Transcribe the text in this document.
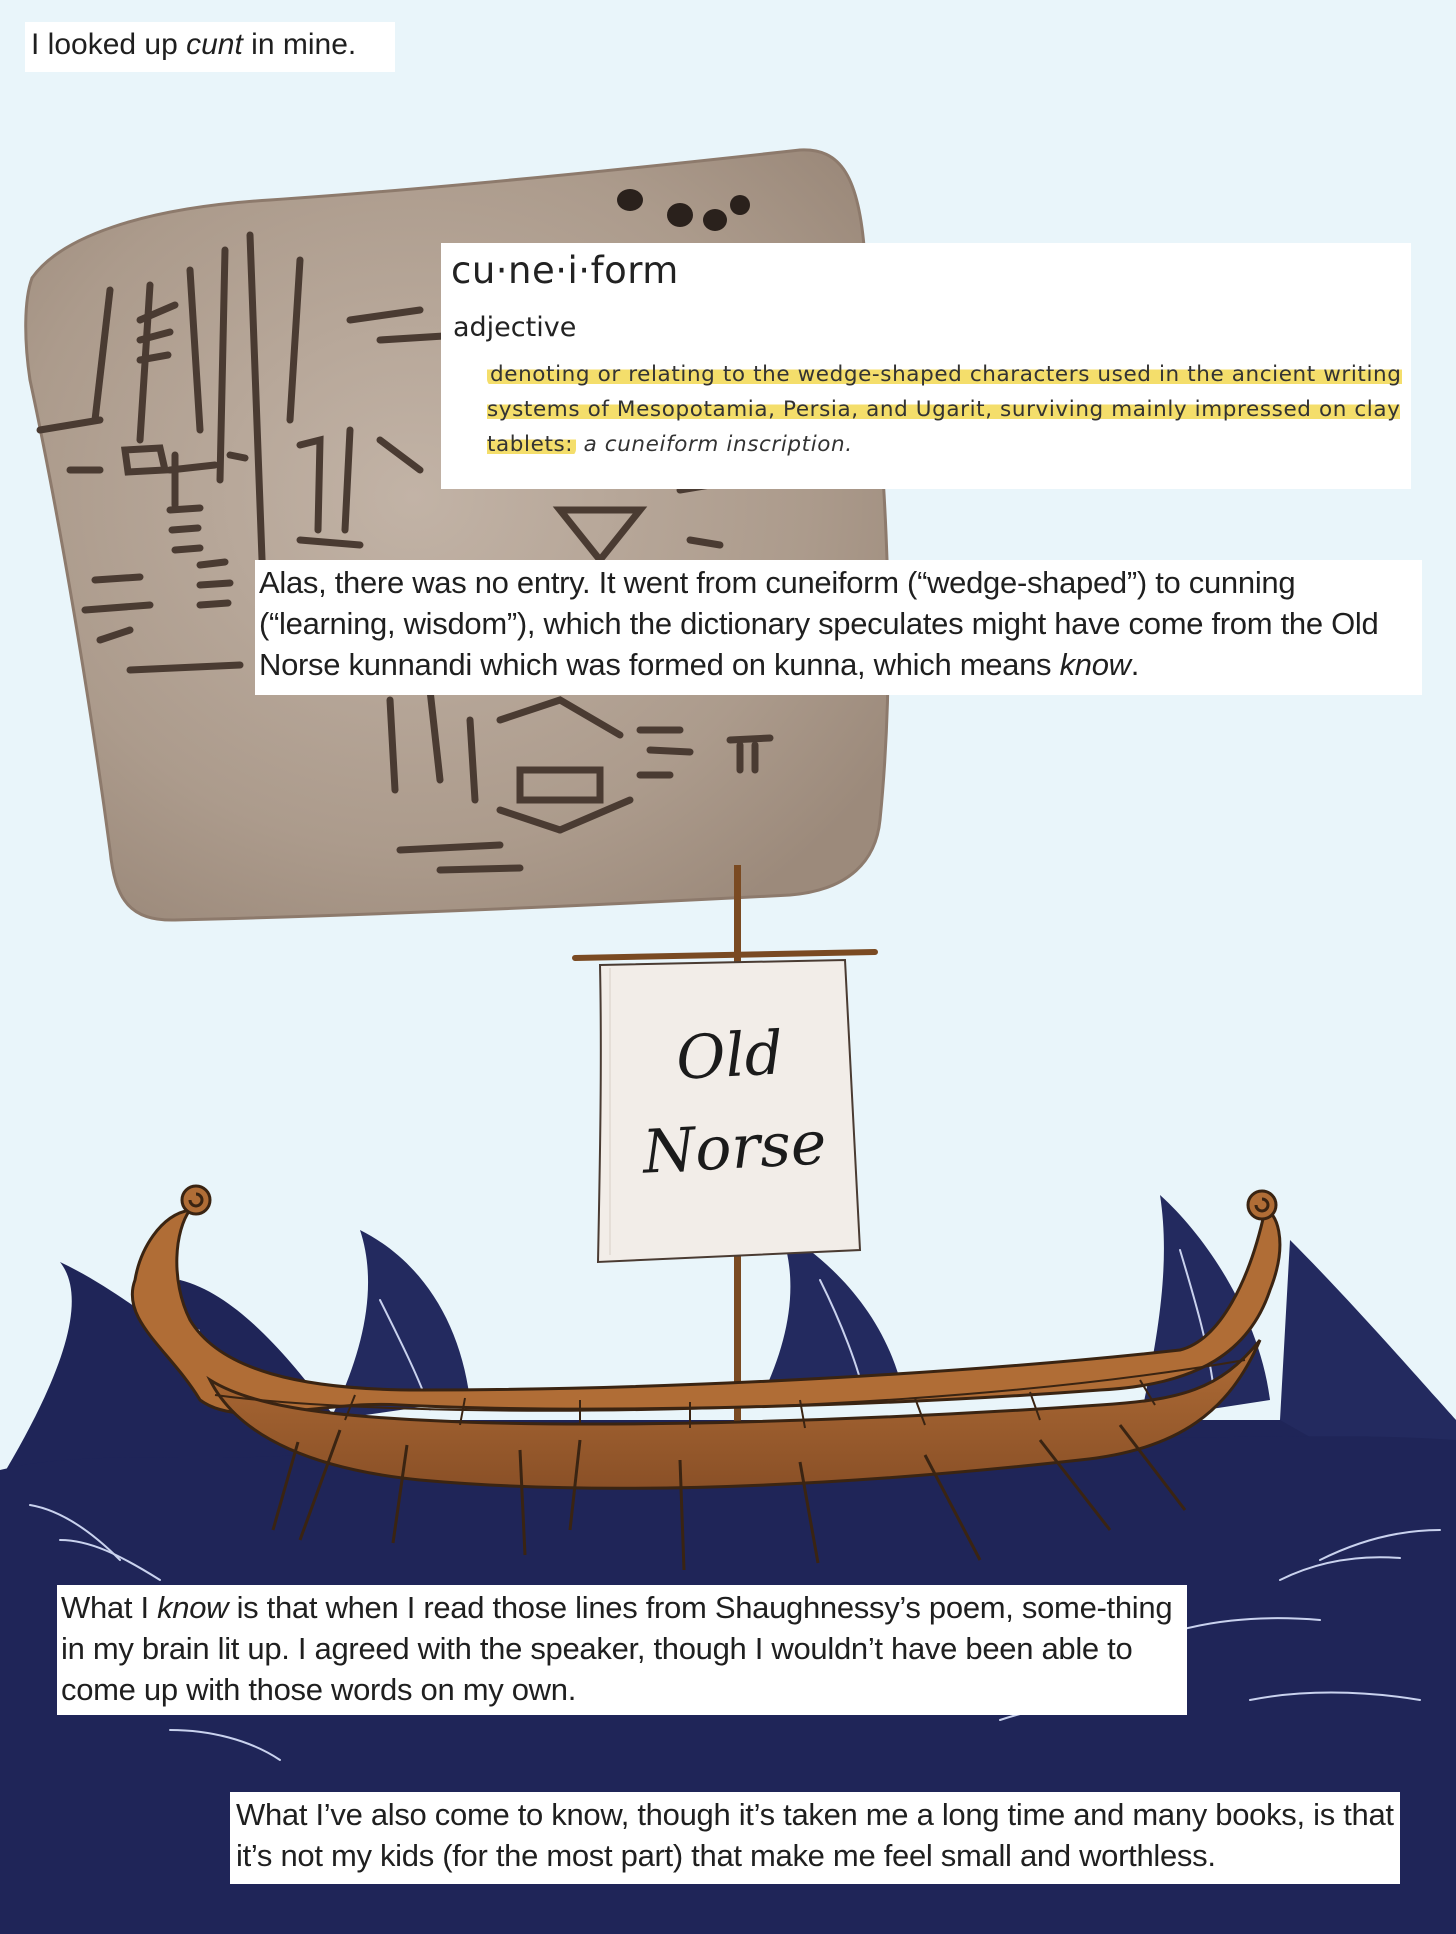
Old
Norse

I looked up cunt in mine.

cu·ne·i·form

adjective

denoting or relating to the wedge-shaped characters used in the ancient writing systems of Mesopotamia, Persia, and Ugarit, surviving mainly impressed on clay tablets: a cuneiform inscription.

Alas, there was no entry. It went from cuneiform (“wedge-shaped”) to cunning (“learning, wisdom”), which the dictionary speculates might have come from the Old Norse kunnandi which was formed on kunna, which means know.

What I know is that when I read those lines from Shaughnessy’s poem, some-thing in my brain lit up. I agreed with the speaker, though I wouldn’t have been able to come up with those words on my own.

What I’ve also come to know, though it’s taken me a long time and many books, is that it’s not my kids (for the most part) that make me feel small and worthless.
